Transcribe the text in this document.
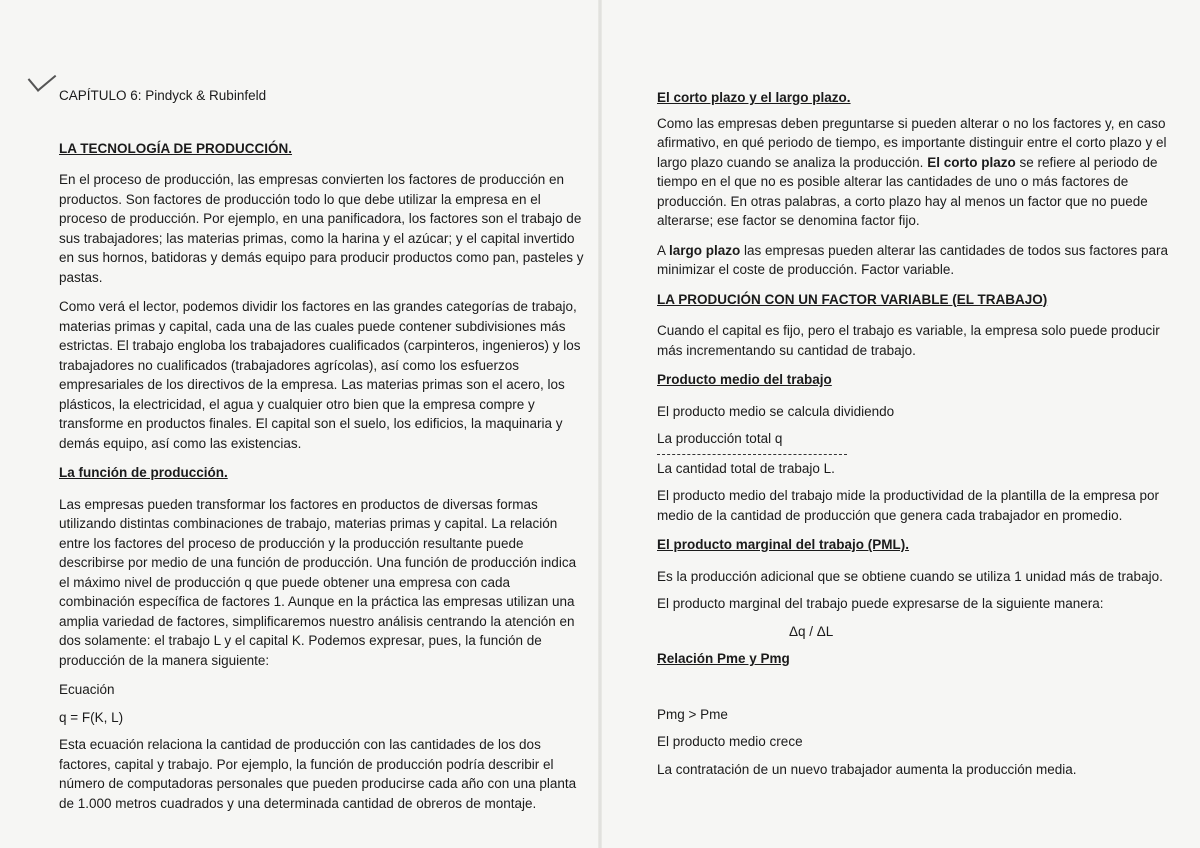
CAPÍTULO 6: Pindyck & Rubinfeld

LA TECNOLOGÍA DE PRODUCCIÓN.

En el proceso de producción, las empresas convierten los factores de producción en productos. Son factores de producción todo lo que debe utilizar la empresa en el proceso de producción. Por ejemplo, en una panificadora, los factores son el trabajo de sus trabajadores; las materias primas, como la harina y el azúcar; y el capital invertido en sus hornos, batidoras y demás equipo para producir productos como pan, pasteles y pastas.

Como verá el lector, podemos dividir los factores en las grandes categorías de trabajo, materias primas y capital, cada una de las cuales puede contener subdivisiones más estrictas. El trabajo engloba los trabajadores cualificados (carpinteros, ingenieros) y los trabajadores no cualificados (trabajadores agrícolas), así como los esfuerzos empresariales de los directivos de la empresa. Las materias primas son el acero, los plásticos, la electricidad, el agua y cualquier otro bien que la empresa compre y transforme en productos finales. El capital son el suelo, los edificios, la maquinaria y demás equipo, así como las existencias.

La función de producción.

Las empresas pueden transformar los factores en productos de diversas formas utilizando distintas combinaciones de trabajo, materias primas y capital. La relación entre los factores del proceso de producción y la producción resultante puede describirse por medio de una función de producción. Una función de producción indica el máximo nivel de producción q que puede obtener una empresa con cada combinación específica de factores 1. Aunque en la práctica las empresas utilizan una amplia variedad de factores, simplificaremos nuestro análisis centrando la atención en dos solamente: el trabajo L y el capital K. Podemos expresar, pues, la función de producción de la manera siguiente:

Ecuación

q = F(K, L)

Esta ecuación relaciona la cantidad de producción con las cantidades de los dos factores, capital y trabajo. Por ejemplo, la función de producción podría describir el número de computadoras personales que pueden producirse cada año con una planta de 1.000 metros cuadrados y una determinada cantidad de obreros de montaje.

El corto plazo y el largo plazo.

Como las empresas deben preguntarse si pueden alterar o no los factores y, en caso afirmativo, en qué periodo de tiempo, es importante distinguir entre el corto plazo y el largo plazo cuando se analiza la producción. El corto plazo se refiere al periodo de tiempo en el que no es posible alterar las cantidades de uno o más factores de producción. En otras palabras, a corto plazo hay al menos un factor que no puede alterarse; ese factor se denomina factor fijo.

A largo plazo las empresas pueden alterar las cantidades de todos sus factores para minimizar el coste de producción. Factor variable.

LA PRODUCIÓN CON UN FACTOR VARIABLE (EL TRABAJO)

Cuando el capital es fijo, pero el trabajo es variable, la empresa solo puede producir más incrementando su cantidad de trabajo.

Producto medio del trabajo

El producto medio se calcula dividiendo

La producción total q

La cantidad total de trabajo L.

El producto medio del trabajo mide la productividad de la plantilla de la empresa por medio de la cantidad de producción que genera cada trabajador en promedio.

El producto marginal del trabajo (PML).

Es la producción adicional que se obtiene cuando se utiliza 1 unidad más de trabajo.

El producto marginal del trabajo puede expresarse de la siguiente manera:

Δq / ΔL

Relación Pme y Pmg

Pmg > Pme

El producto medio crece

La contratación de un nuevo trabajador aumenta la producción media.
